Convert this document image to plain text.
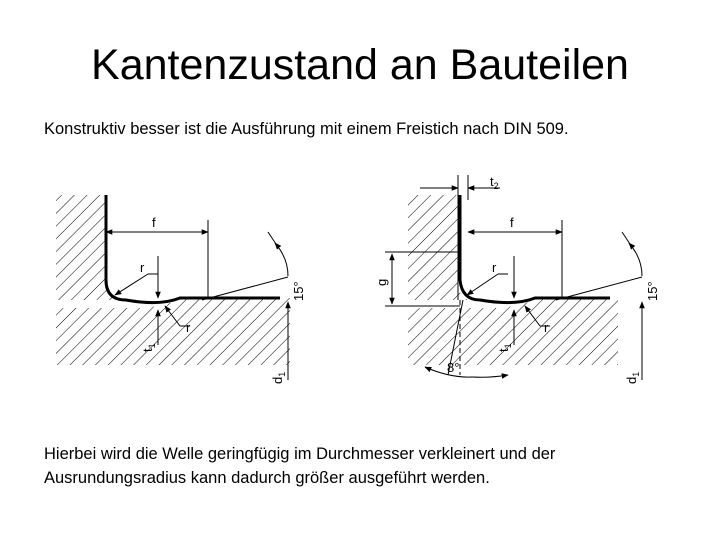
Kantenzustand an Bauteilen

Konstruktiv besser ist die Ausführung mit einem Freistich nach DIN 509.

f
r
r
$t_1$
15°
$d_1$
$t_2$
f
g
r
r
$t_1$
8°
15°
$d_1$

Hierbei wird die Welle geringfügig im Durchmesser verkleinert und der Ausrundungsradius kann dadurch größer ausgeführt werden.
